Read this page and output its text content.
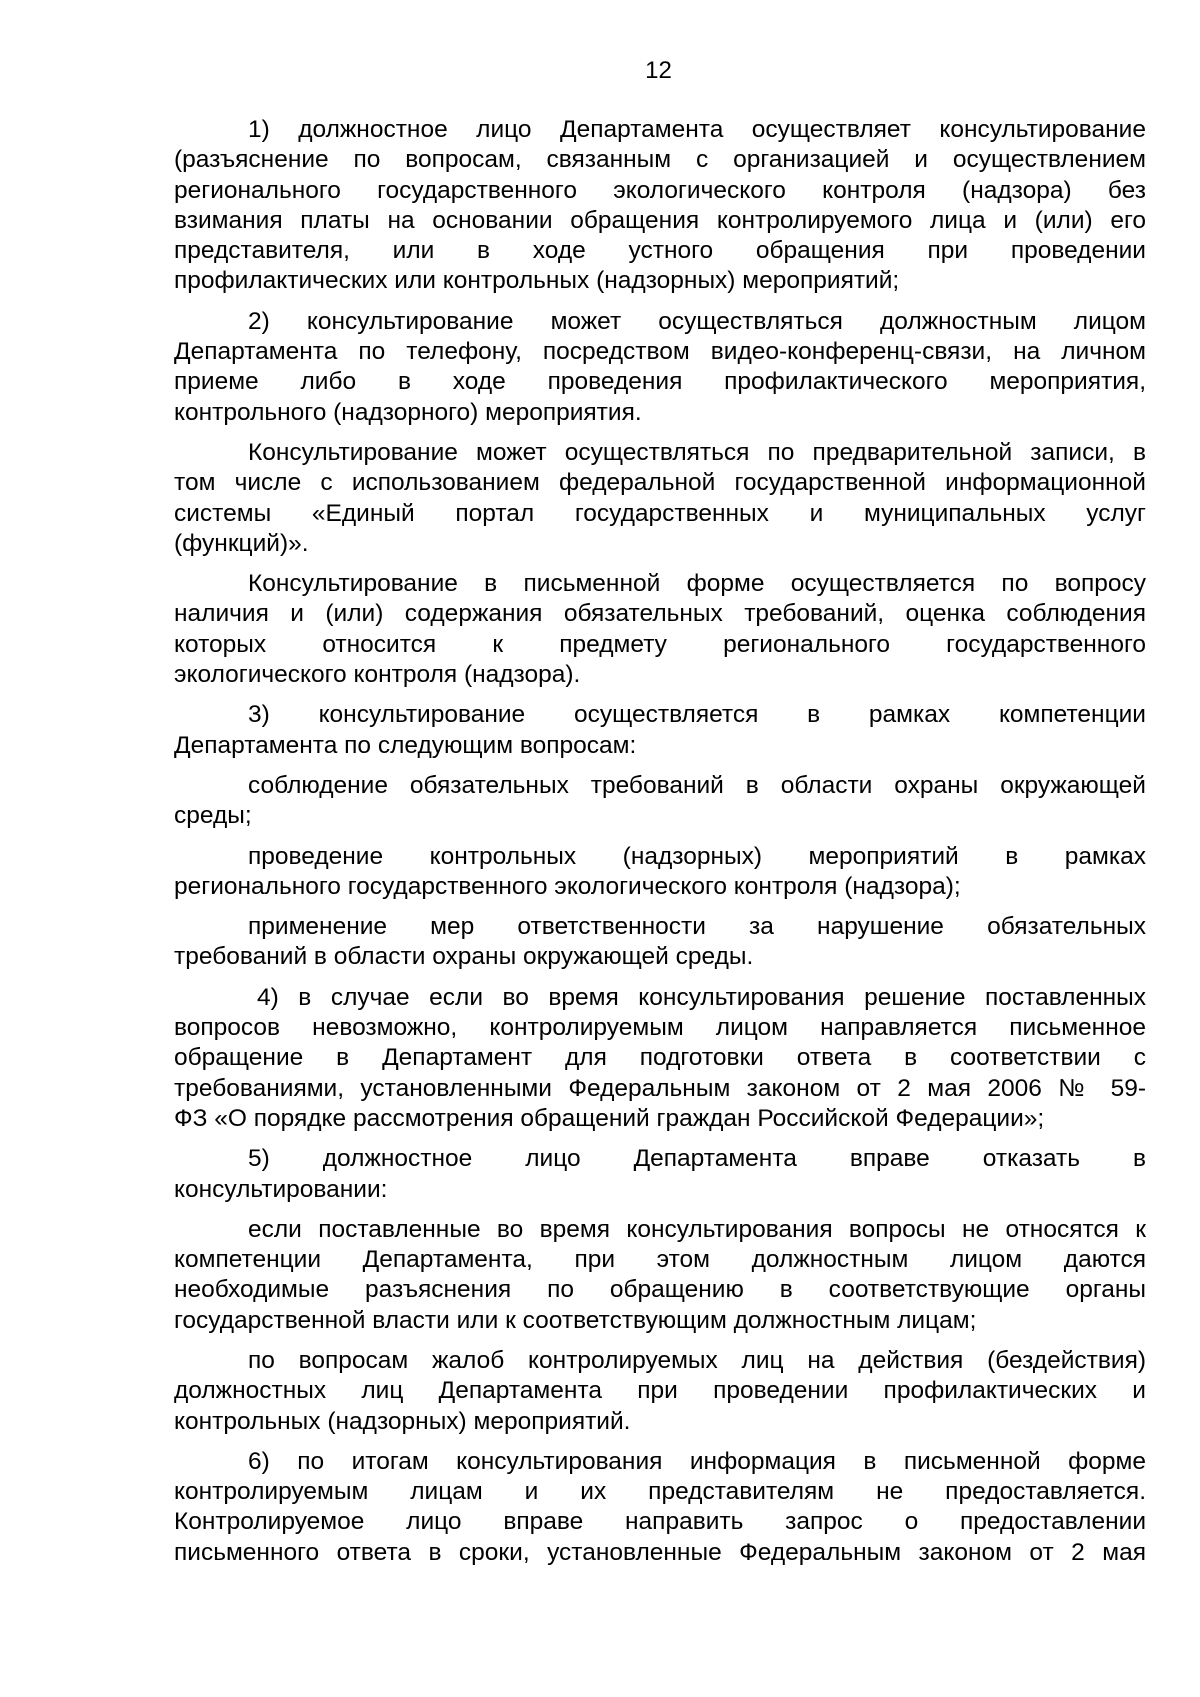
12
1) должностное лицо Департамента осуществляет консультирование
(разъяснение по вопросам, связанным с организацией и осуществлением
регионального государственного экологического контроля (надзора) без
взимания платы на основании обращения контролируемого лица и (или) его
представителя, или в ходе устного обращения при проведении
профилактических или контрольных (надзорных) мероприятий;
2) консультирование может осуществляться должностным лицом
Департамента по телефону, посредством видео-конференц-связи, на личном
приеме либо в ходе проведения профилактического мероприятия,
контрольного (надзорного) мероприятия.
Консультирование может осуществляться по предварительной записи, в
том числе с использованием федеральной государственной информационной
системы «Единый портал государственных и муниципальных услуг
(функций)».
Консультирование в письменной форме осуществляется по вопросу
наличия и (или) содержания обязательных требований, оценка соблюдения
которых относится к предмету регионального государственного
экологического контроля (надзора).
3) консультирование осуществляется в рамках компетенции
Департамента по следующим вопросам:
соблюдение обязательных требований в области охраны окружающей
среды;
проведение контрольных (надзорных) мероприятий в рамках
регионального государственного экологического контроля (надзора);
применение мер ответственности за нарушение обязательных
требований в области охраны окружающей среды.
4) в случае если во время консультирования решение поставленных
вопросов невозможно, контролируемым лицом направляется письменное
обращение в Департамент для подготовки ответа в соответствии с
требованиями, установленными Федеральным законом от 2 мая 2006 № 59-
ФЗ «О порядке рассмотрения обращений граждан Российской Федерации»;
5) должностное лицо Департамента вправе отказать в
консультировании:
если поставленные во время консультирования вопросы не относятся к
компетенции Департамента, при этом должностным лицом даются
необходимые разъяснения по обращению в соответствующие органы
государственной власти или к соответствующим должностным лицам;
по вопросам жалоб контролируемых лиц на действия (бездействия)
должностных лиц Департамента при проведении профилактических и
контрольных (надзорных) мероприятий.
6) по итогам консультирования информация в письменной форме
контролируемым лицам и их представителям не предоставляется.
Контролируемое лицо вправе направить запрос о предоставлении
письменного ответа в сроки, установленные Федеральным законом от 2 мая
